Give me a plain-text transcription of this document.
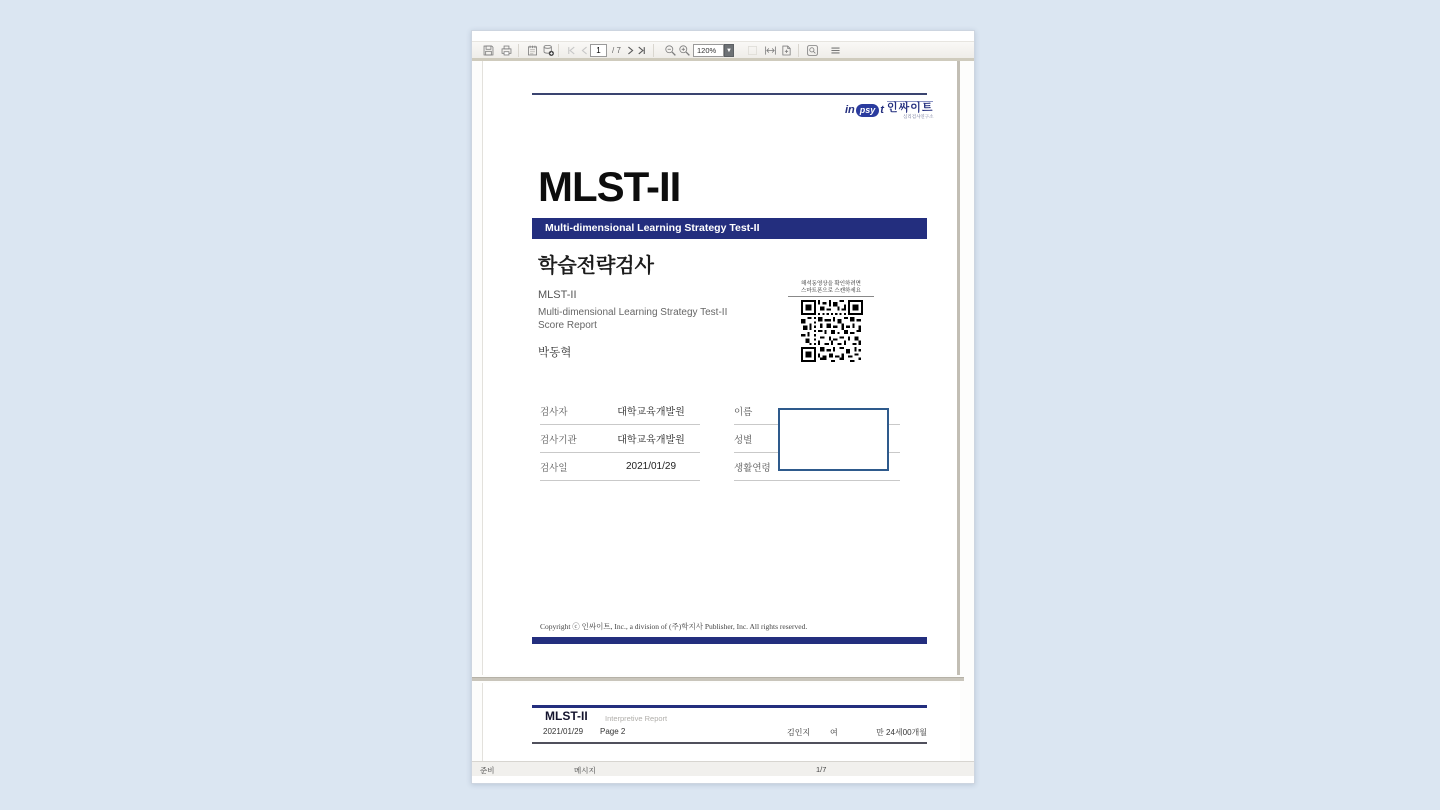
1
/ 7	120%	▼
in psy t 인싸이트
심리검사연구소
MLST-II
Multi-dimensional Learning Strategy Test-II
학습전략검사
MLST-II
Multi-dimensional Learning Strategy Test-II
Score Report
박동혁
해석동영상을 확인하려면
스마트폰으로 스캔하세요
검사자	대학교육개발원
검사기관	대학교육개발원
검사일	2021/01/29
이름
성별
생활연령
Copyright ⓒ 인싸이트, Inc., a division of (주)학지사 Publisher, Inc. All rights reserved.
MLST-II Interpretive Report
2021/01/29 Page 2	김인지 여	만 24세00개월
준비	메시지	1/7
